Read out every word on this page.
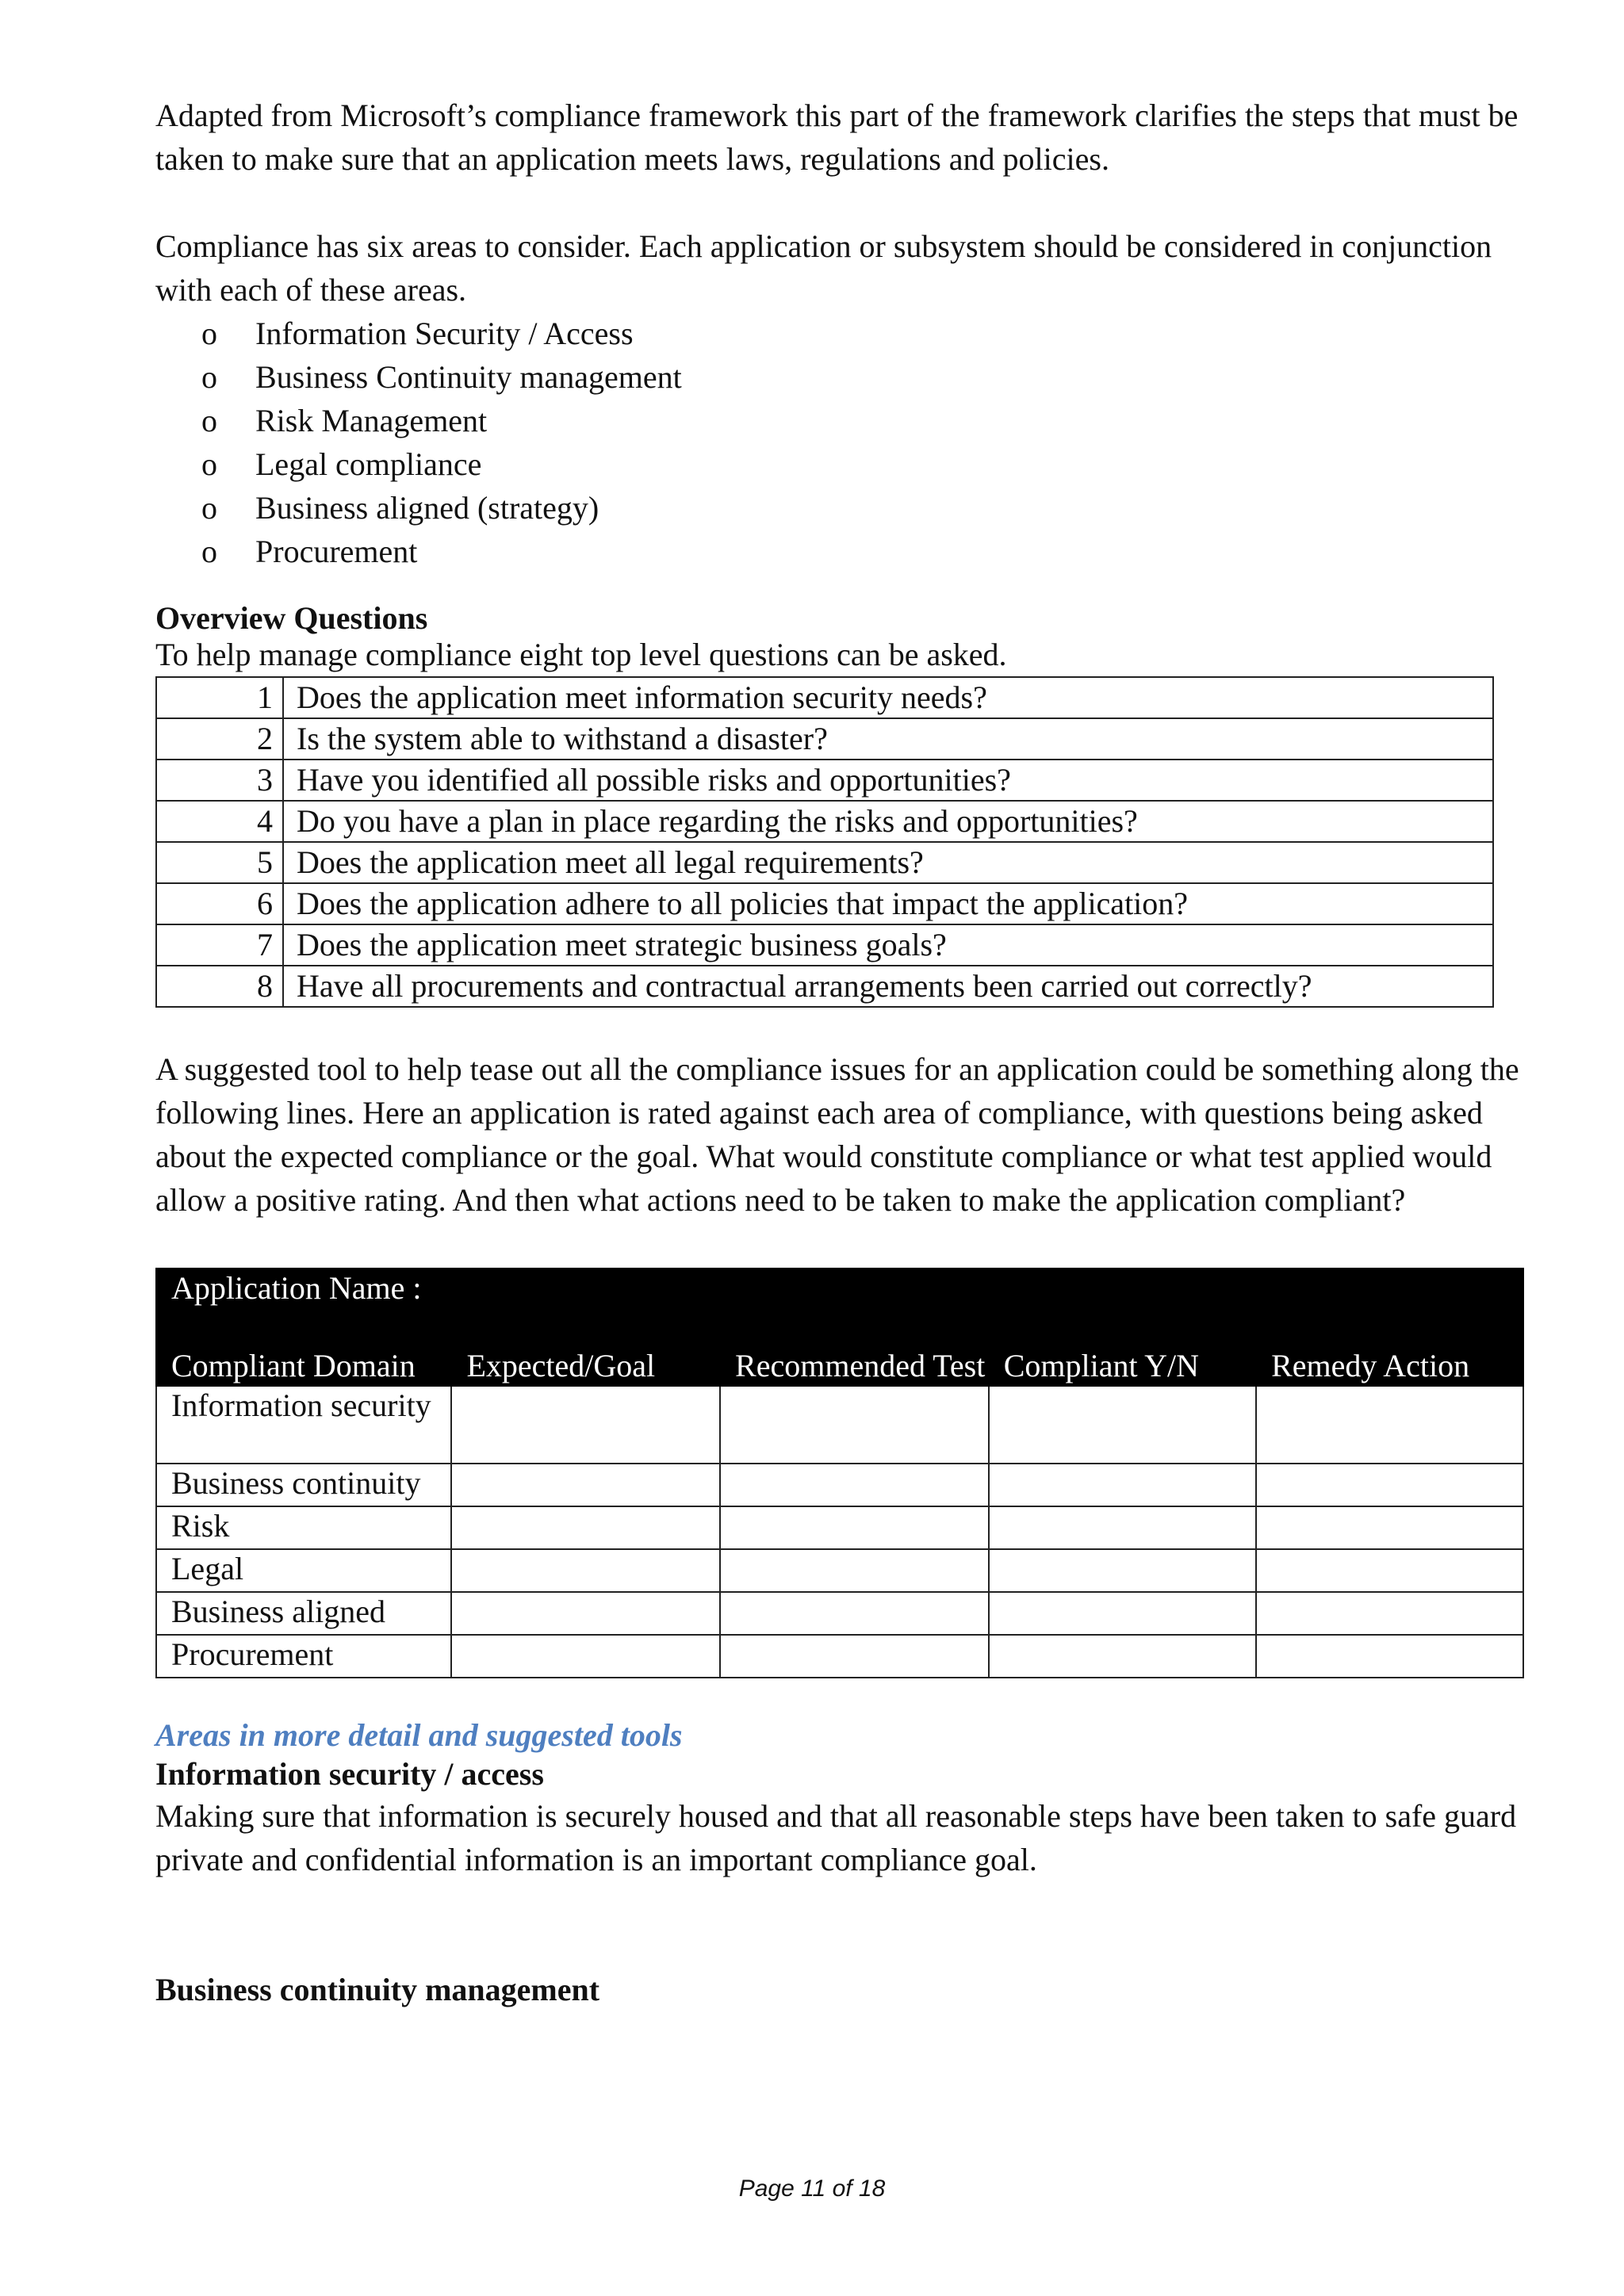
Adapted from Microsoft’s compliance framework this part of the framework clarifies the steps that must be taken to make sure that an application meets laws, regulations and policies.

Compliance has six areas to consider. Each application or subsystem should be considered in conjunction with each of these areas.

o	Information Security / Access
o	Business Continuity management
o	Risk Management
o	Legal compliance
o	Business aligned (strategy)
o	Procurement

Overview Questions

To help manage compliance eight top level questions can be asked.

1	Does the application meet information security needs?
2	Is the system able to withstand a disaster?
3	Have you identified all possible risks and opportunities?
4	Do you have a plan in place regarding the risks and opportunities?
5	Does the application meet all legal requirements?
6	Does the application adhere to all policies that impact the application?
7	Does the application meet strategic business goals?
8	Have all procurements and contractual arrangements been carried out correctly?

A suggested tool to help tease out all the compliance issues for an application could be something along the following lines. Here an application is rated against each area of compliance, with questions being asked about the expected compliance or the goal. What would constitute compliance or what test applied would allow a positive rating. And then what actions need to be taken to make the application compliant?

Application Name :				
Compliant Domain	Expected/Goal	Recommended Test	Compliant Y/N	Remedy Action
Information security				
Business continuity				
Risk				
Legal				
Business aligned				
Procurement				

Areas in more detail and suggested tools

Information security / access

Making sure that information is securely housed and that all reasonable steps have been taken to safe guard private and confidential information is an important compliance goal.

Business continuity management

Page 11 of 18
